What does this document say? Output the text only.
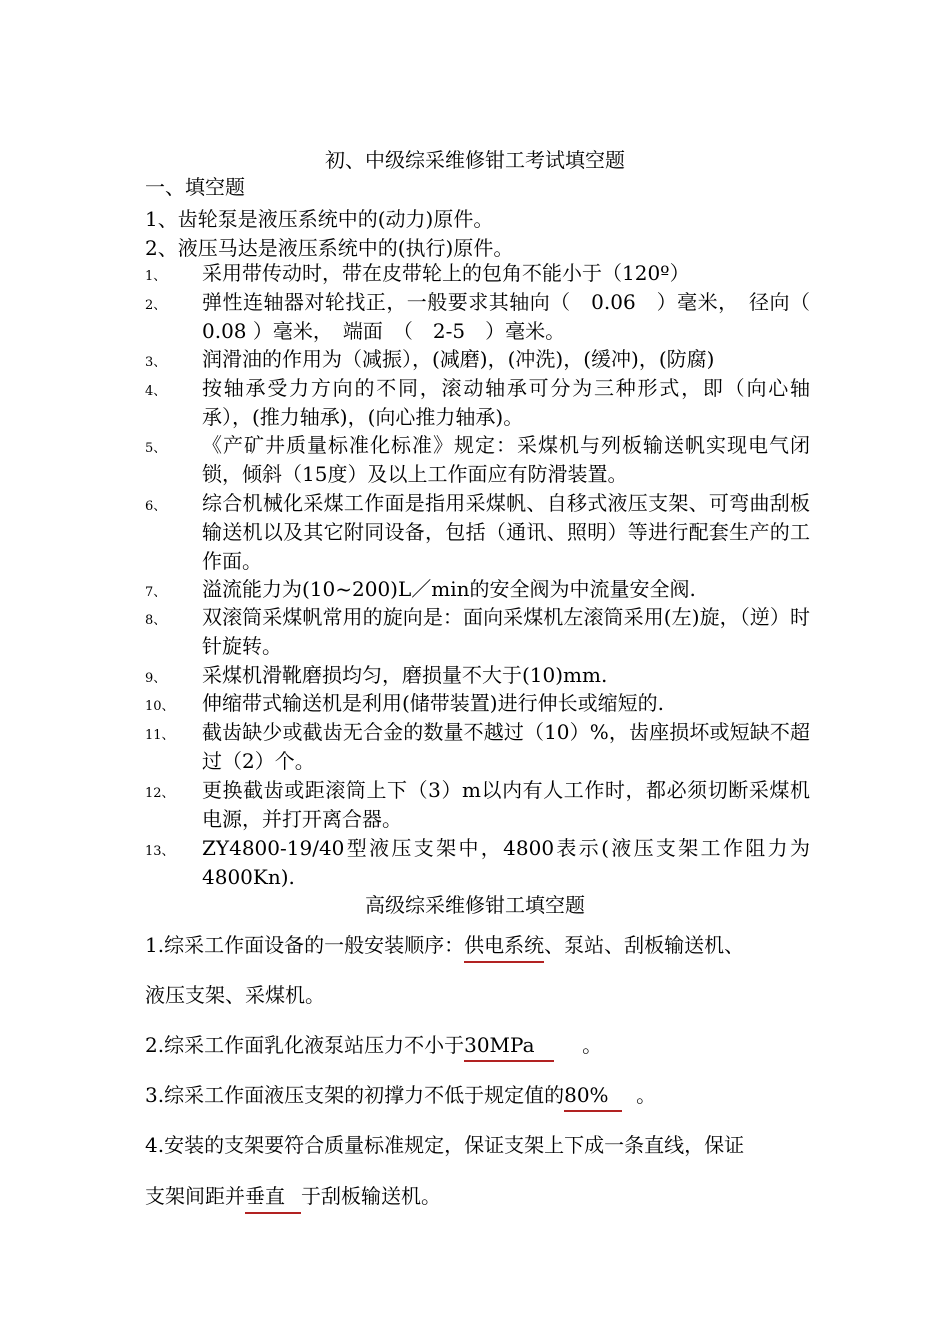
初、中级综采维修钳工考试填空题
一、填空题
1、齿轮泵是液压系统中的(动力)原件。
2、液压马达是液压系统中的(执行)原件。
1、 采用带传动时，带在皮带轮上的包角不能小于（120º）
2、 弹性连轴器对轮找正，一般要求其轴向（　0.06　）毫米，　径向（ 0.08 ）毫米，　端面　（　2-5　）毫米。
3、 润滑油的作用为（减振），(减磨)，(冲洗)，(缓冲)，(防腐)
4、 按轴承受力方向的不同，滚动轴承可分为三种形式，即（向心轴承），(推力轴承)，(向心推力轴承)。
5、 《产矿井质量标准化标准》规定：采煤机与列板输送帆实现电气闭锁，倾斜（15度）及以上工作面应有防滑装置。
6、 综合机械化采煤工作面是指用采煤帆、自移式液压支架、可弯曲刮板输送机以及其它附同设备，包括（通讯、照明）等进行配套生产的工作面。
7、 溢流能力为(10~200)L／min的安全阀为中流量安全阀.
8、 双滚筒采煤帆常用的旋向是：面向采煤机左滚筒采用(左)旋，（逆）时针旋转。
9、 采煤机滑靴磨损均匀，磨损量不大于(10)mm.
10、 伸缩带式输送机是利用(储带装置)进行伸长或缩短的.
11、 截齿缺少或截齿无合金的数量不越过（10）%，齿座损坏或短缺不超过（2）个。
12、 更换截齿或距滚筒上下（3）m以内有人工作时，都必须切断采煤机电源，并打开离合器。
13、 ZY4800-19/40型液压支架中，4800表示(液压支架工作阻力为4800Kn).
高级综采维修钳工填空题
1.综采工作面设备的一般安装顺序：供电系统、泵站、刮板输送机、
液压支架、采煤机。
2.综采工作面乳化液泵站压力不小于30MPa 。
3.综采工作面液压支架的初撑力不低于规定值的80% 。
4.安装的支架要符合质量标准规定，保证支架上下成一条直线，保证
支架间距并垂直 于刮板输送机。
